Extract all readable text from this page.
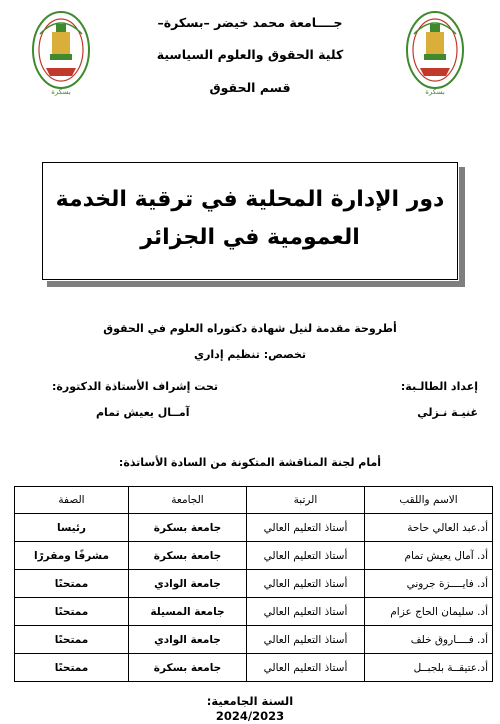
بسكرة
بسكرة
جــــامعة محمد خيضر –بسكرة–
كلية الحقوق والعلوم السياسية
قسم الحقوق
دور الإدارة المحلية في ترقية الخدمة
العمومية في الجزائر
أطروحة مقدمة لنيل شهادة دكتوراه العلوم في الحقوق
تخصص: تنظيم إداري
إعداد الطالـبة:
تحت إشراف الأستاذة الدكتورة:
غنيـة نـزلي
آمــال يعيش تمام
أمام لجنة المناقشة المتكونة من السادة الأساتذة:
الاسم واللقب	الرتبة	الجامعة	الصفة
أد.عبد العالي حاحة	أستاذ التعليم العالي	جامعة بسكرة	رئيسا
أد. آمال يعيش تمام	أستاذ التعليم العالي	جامعة بسكرة	مشرفًا ومقررًا
أد. فايــــزة جروني	أستاذ التعليم العالي	جامعة الوادي	ممتحنًا
أد. سليمان الحاج عزام	أستاذ التعليم العالي	جامعة المسيلة	ممتحنًا
أد. فــــاروق خلف	أستاذ التعليم العالي	جامعة الوادي	ممتحنًا
أد.عتيقــة بلجبــل	أستاذ التعليم العالي	جامعة بسكرة	ممتحنًا
السنة الجامعية:
2024/2023
